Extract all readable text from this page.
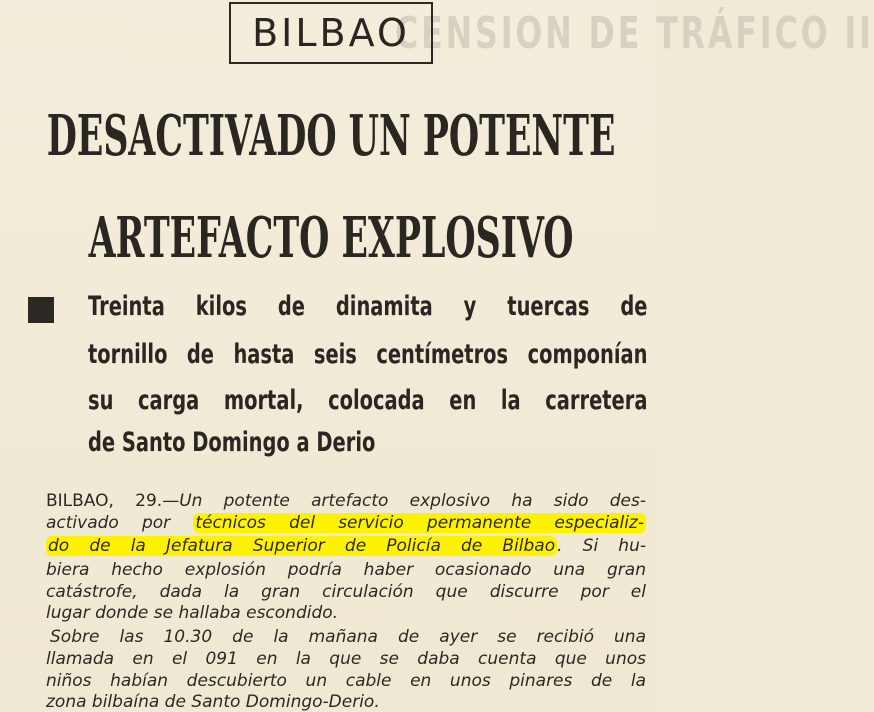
CENSION DE TRÁFICO II
BILBAO
DESACTIVADO UN POTENTE
ARTEFACTO EXPLOSIVO
Treinta kilos de dinamita y tuercas de
tornillo de hasta seis centímetros componían
su carga mortal, colocada en la carretera
de Santo Domingo a Derio
BILBAO, 29.—Un potente artefacto explosivo ha sido des-
activado por técnicos del servicio permanente especializ-
do de la Jefatura Superior de Policía de Bilbao . Si hu-
biera hecho explosión podría haber ocasionado una gran
catástrofe, dada la gran circulación que discurre por el
lugar donde se hallaba escondido.
Sobre las 10.30 de la mañana de ayer se recibió una
llamada en el 091 en la que se daba cuenta que unos
niños habían descubierto un cable en unos pinares de la
zona bilbaína de Santo Domingo-Derio.
